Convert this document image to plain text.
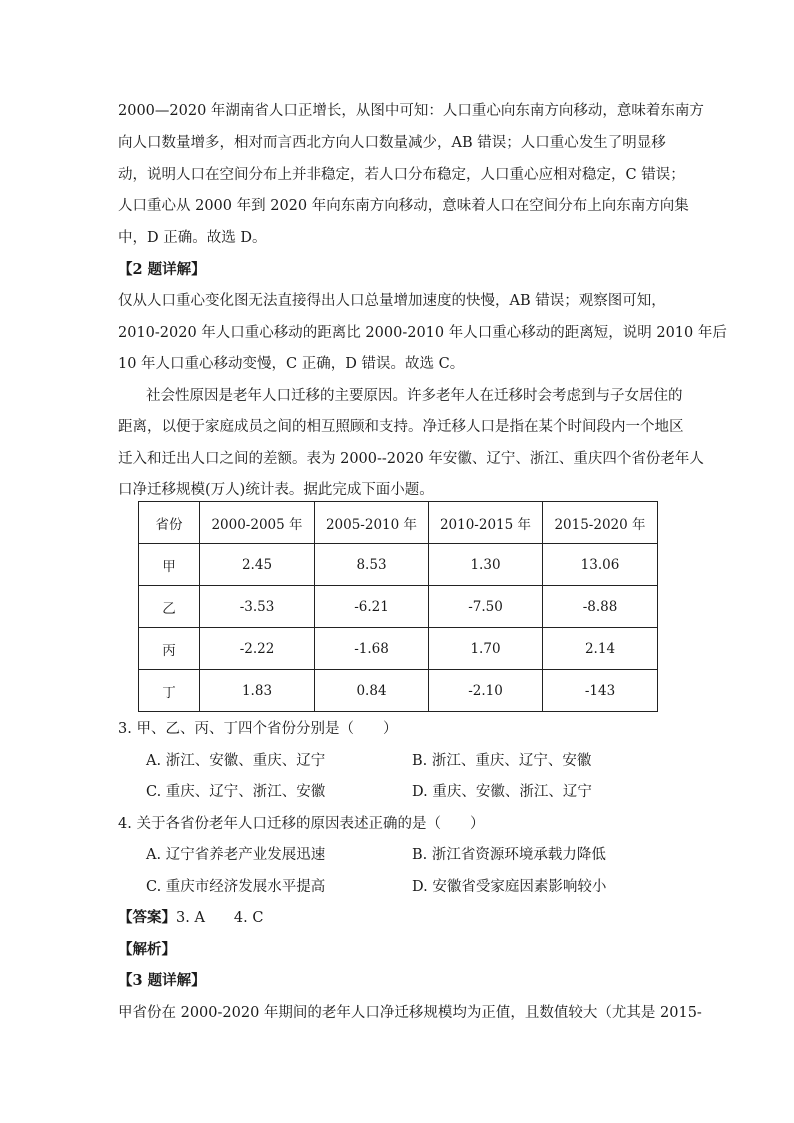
2000—2020 年湖南省人口正增长，从图中可知：人口重心向东南方向移动，意味着东南方
向人口数量增多，相对而言西北方向人口数量减少，AB 错误；人口重心发生了明显移
动，说明人口在空间分布上并非稳定，若人口分布稳定，人口重心应相对稳定，C 错误；
人口重心从 2000 年到 2020 年向东南方向移动，意味着人口在空间分布上向东南方向集
中，D 正确。故选 D。
【2 题详解】
仅从人口重心变化图无法直接得出人口总量增加速度的快慢，AB 错误；观察图可知，
2010-2020 年人口重心移动的距离比 2000-2010 年人口重心移动的距离短，说明 2010 年后
10 年人口重心移动变慢，C 正确，D 错误。故选 C。
社会性原因是老年人口迁移的主要原因。许多老年人在迁移时会考虑到与子女居住的
距离，以便于家庭成员之间的相互照顾和支持。净迁移人口是指在某个时间段内一个地区
迁入和迁出人口之间的差额。表为 2000--2020 年安徽、辽宁、浙江、重庆四个省份老年人
口净迁移规模(万人)统计表。据此完成下面小题。
省份	2000-2005 年	2005-2010 年	2010-2015 年	2015-2020 年
甲	2.45	8.53	1.30	13.06
乙	-3.53	-6.21	-7.50	-8.88
丙	-2.22	-1.68	1.70	2.14
丁	1.83	0.84	-2.10	-143
3. 甲、乙、丙、丁四个省份分别是（　　）
A. 浙江、安徽、重庆、辽宁	B. 浙江、重庆、辽宁、安徽
C. 重庆、辽宁、浙江、安徽	D. 重庆、安徽、浙江、辽宁
4. 关于各省份老年人口迁移的原因表述正确的是（　　）
A. 辽宁省养老产业发展迅速	B. 浙江省资源环境承载力降低
C. 重庆市经济发展水平提高	D. 安徽省受家庭因素影响较小
【答案】3. A　　4. C
【解析】
【3 题详解】
甲省份在 2000-2020 年期间的老年人口净迁移规模均为正值，且数值较大（尤其是 2015-
